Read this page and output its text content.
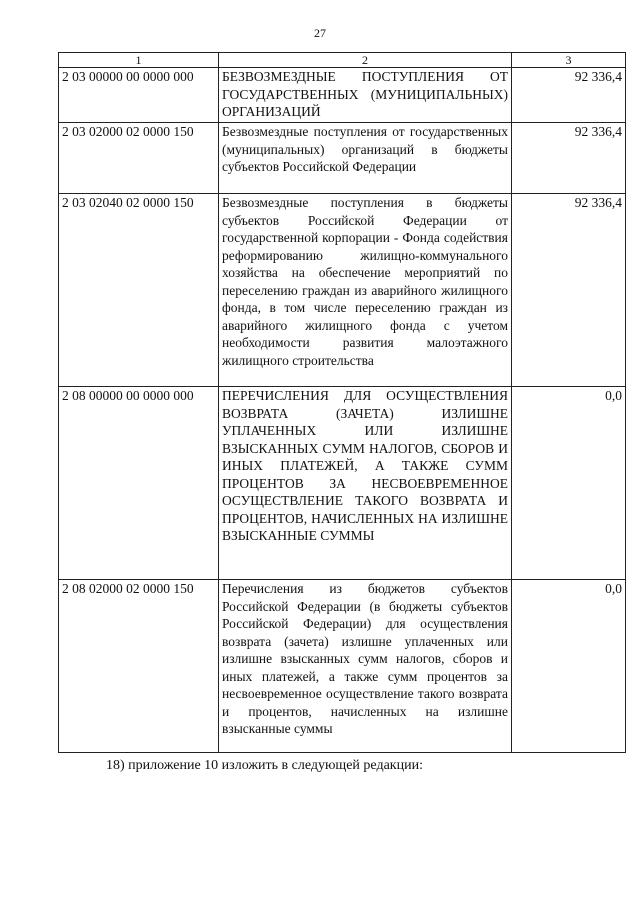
27
1	2	3
2 03 00000 00 0000 000	БЕЗВОЗМЕЗДНЫЕ ПОСТУПЛЕНИЯ ОТ ГОСУДАРСТВЕННЫХ (МУНИЦИПАЛЬНЫХ) ОРГАНИЗАЦИЙ	92 336,4
2 03 02000 02 0000 150	Безвозмездные поступления от государственных (муниципальных) организаций в бюджеты субъектов Российской Федерации	92 336,4
2 03 02040 02 0000 150	Безвозмездные поступления в бюджеты субъектов Российской Федерации от государственной корпорации - Фонда содействия реформированию жилищно-коммунального хозяйства на обеспечение мероприятий по переселению граждан из аварийного жилищного фонда, в том числе переселению граждан из аварийного жилищного фонда с учетом необходимости развития малоэтажного жилищного строительства	92 336,4
2 08 00000 00 0000 000	ПЕРЕЧИСЛЕНИЯ ДЛЯ ОСУЩЕСТВЛЕНИЯ ВОЗВРАТА (ЗАЧЕТА) ИЗЛИШНЕ УПЛАЧЕННЫХ ИЛИ ИЗЛИШНЕ ВЗЫСКАННЫХ СУММ НАЛОГОВ, СБОРОВ И ИНЫХ ПЛАТЕЖЕЙ, А ТАКЖЕ СУММ ПРОЦЕНТОВ ЗА НЕСВОЕВРЕМЕННОЕ ОСУЩЕСТВЛЕНИЕ ТАКОГО ВОЗВРАТА И ПРОЦЕНТОВ, НАЧИСЛЕННЫХ НА ИЗЛИШНЕ ВЗЫСКАННЫЕ СУММЫ	0,0
2 08 02000 02 0000 150	Перечисления из бюджетов субъектов Российской Федерации (в бюджеты субъектов Российской Федерации) для осуществления возврата (зачета) излишне уплаченных или излишне взысканных сумм налогов, сборов и иных платежей, а также сумм процентов за несвоевременное осуществление такого возврата и процентов, начисленных на излишне взысканные суммы	0,0
18) приложение 10 изложить в следующей редакции:
